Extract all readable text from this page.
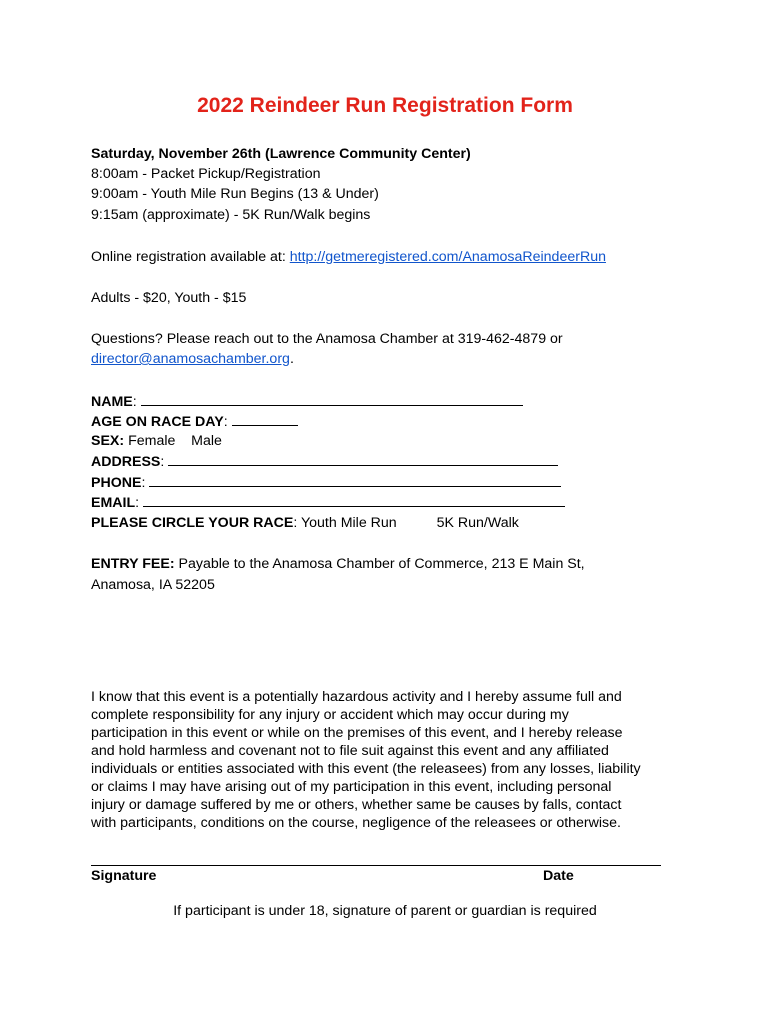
2022 Reindeer Run Registration Form
Saturday, November 26th (Lawrence Community Center)
8:00am - Packet Pickup/Registration
9:00am - Youth Mile Run Begins (13 & Under)
9:15am (approximate) - 5K Run/Walk begins
Online registration available at: http://getmeregistered.com/AnamosaReindeerRun
Adults - $20, Youth - $15
Questions? Please reach out to the Anamosa Chamber at 319-462-4879 or
director@anamosachamber.org.
NAME:
AGE ON RACE DAY:
SEX: Female Male
ADDRESS:
PHONE:
EMAIL:
PLEASE CIRCLE YOUR RACE: Youth Mile Run	5K Run/Walk
ENTRY FEE: Payable to the Anamosa Chamber of Commerce, 213 E Main St,
Anamosa, IA 52205
I know that this event is a potentially hazardous activity and I hereby assume full and
complete responsibility for any injury or accident which may occur during my
participation in this event or while on the premises of this event, and I hereby release
and hold harmless and covenant not to file suit against this event and any affiliated
individuals or entities associated with this event (the releasees) from any losses, liability
or claims I may have arising out of my participation in this event, including personal
injury or damage suffered by me or others, whether same be causes by falls, contact
with participants, conditions on the course, negligence of the releasees or otherwise.
Signature	Date
If participant is under 18, signature of parent or guardian is required
